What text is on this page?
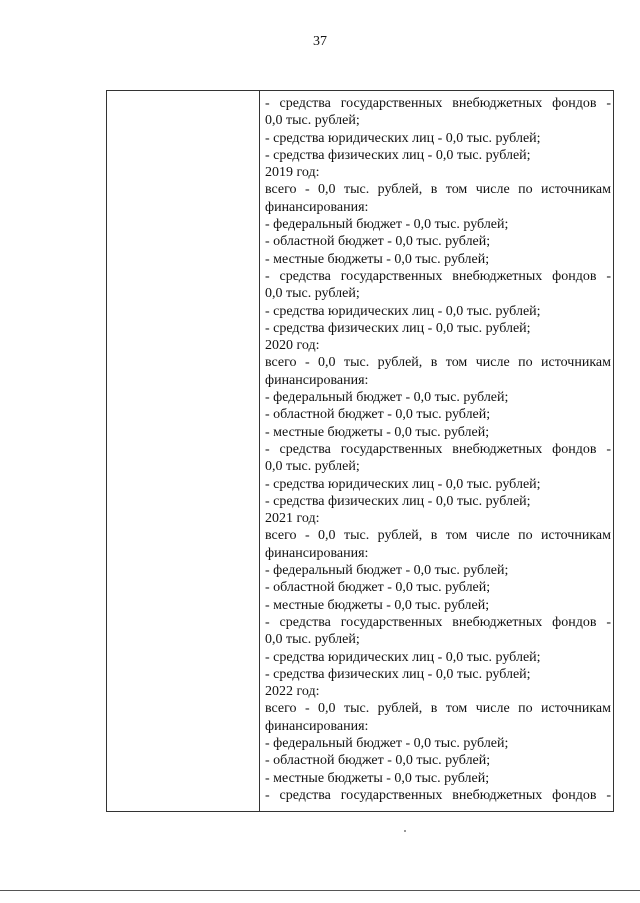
37
- средства государственных внебюджетных фондов -
0,0 тыс. рублей;
- средства юридических лиц - 0,0 тыс. рублей;
- средства физических лиц - 0,0 тыс. рублей;
2019 год:
всего - 0,0 тыс. рублей, в том числе по источникам
финансирования:
- федеральный бюджет - 0,0 тыс. рублей;
- областной бюджет - 0,0 тыс. рублей;
- местные бюджеты - 0,0 тыс. рублей;
- средства государственных внебюджетных фондов -
0,0 тыс. рублей;
- средства юридических лиц - 0,0 тыс. рублей;
- средства физических лиц - 0,0 тыс. рублей;
2020 год:
всего - 0,0 тыс. рублей, в том числе по источникам
финансирования:
- федеральный бюджет - 0,0 тыс. рублей;
- областной бюджет - 0,0 тыс. рублей;
- местные бюджеты - 0,0 тыс. рублей;
- средства государственных внебюджетных фондов -
0,0 тыс. рублей;
- средства юридических лиц - 0,0 тыс. рублей;
- средства физических лиц - 0,0 тыс. рублей;
2021 год:
всего - 0,0 тыс. рублей, в том числе по источникам
финансирования:
- федеральный бюджет - 0,0 тыс. рублей;
- областной бюджет - 0,0 тыс. рублей;
- местные бюджеты - 0,0 тыс. рублей;
- средства государственных внебюджетных фондов -
0,0 тыс. рублей;
- средства юридических лиц - 0,0 тыс. рублей;
- средства физических лиц - 0,0 тыс. рублей;
2022 год:
всего - 0,0 тыс. рублей, в том числе по источникам
финансирования:
- федеральный бюджет - 0,0 тыс. рублей;
- областной бюджет - 0,0 тыс. рублей;
- местные бюджеты - 0,0 тыс. рублей;
- средства государственных внебюджетных фондов -
